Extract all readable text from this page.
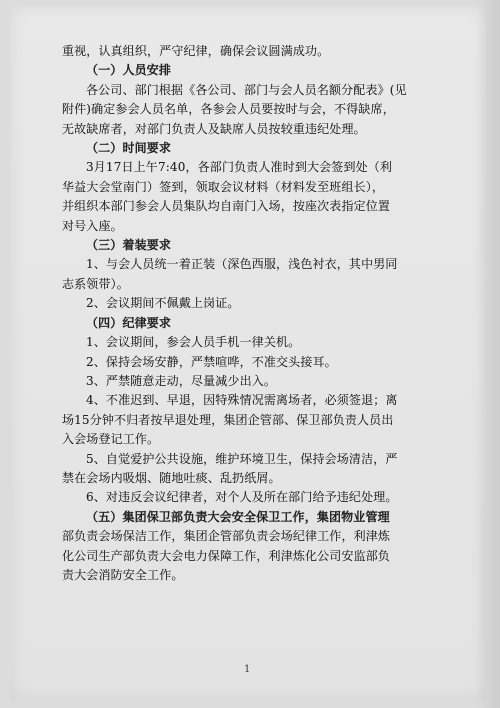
重视，认真组织，严守纪律，确保会议圆满成功。
（一）人员安排
各公司、部门根据《各公司、部门与会人员名额分配表》(见
附件)确定参会人员名单，各参会人员要按时与会，不得缺席，
无故缺席者，对部门负责人及缺席人员按较重违纪处理。
（二）时间要求
3月17日上午7:40，各部门负责人准时到大会签到处（利
华益大会堂南门）签到，领取会议材料（材料发至班组长），
并组织本部门参会人员集队均自南门入场，按座次表指定位置
对号入座。
（三）着装要求
1、与会人员统一着正装（深色西服，浅色衬衣，其中男同
志系领带）。
2、会议期间不佩戴上岗证。
（四）纪律要求
1、会议期间，参会人员手机一律关机。
2、保持会场安静，严禁喧哗，不准交头接耳。
3、严禁随意走动，尽量减少出入。
4、不准迟到、早退，因特殊情况需离场者，必须签退；离
场15分钟不归者按早退处理，集团企管部、保卫部负责人员出
入会场登记工作。
5、自觉爱护公共设施，维护环境卫生，保持会场清洁，严
禁在会场内吸烟、随地吐痰、乱扔纸屑。
6、对违反会议纪律者，对个人及所在部门给予违纪处理。
（五）集团保卫部负责大会安全保卫工作，集团物业管理
部负责会场保洁工作，集团企管部负责会场纪律工作，利津炼
化公司生产部负责大会电力保障工作，利津炼化公司安监部负
责大会消防安全工作。
1
